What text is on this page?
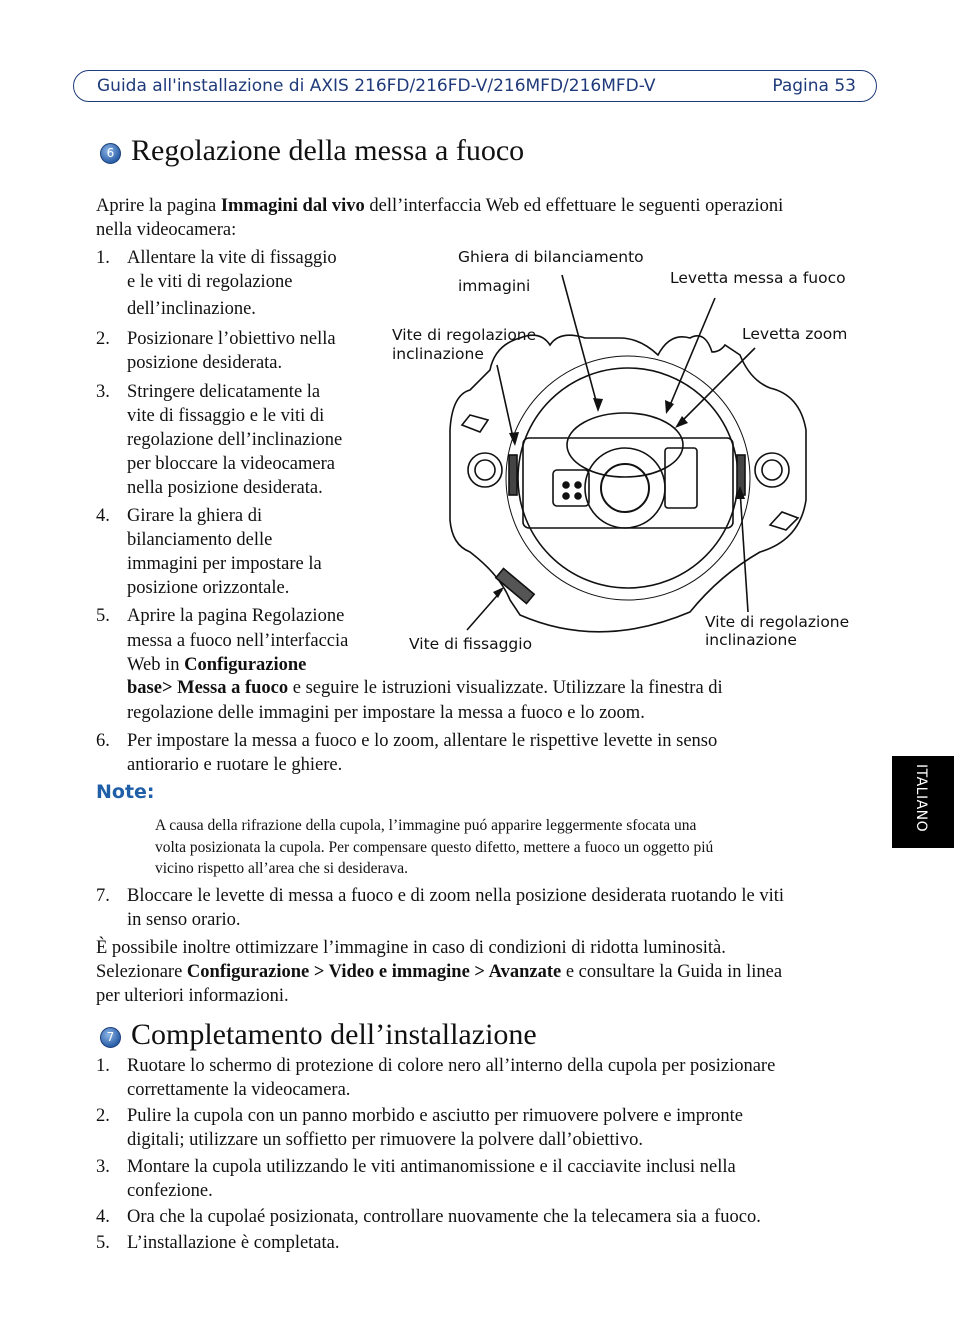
Guida all'installazione di AXIS 216FD/216FD-V/216MFD/216MFD-V	Pagina 53
6 Regolazione della messa a fuoco
Aprire la pagina Immagini dal vivo dell’interfaccia Web ed effettuare le seguenti operazioni
nella videocamera:
1. Allentare la vite di fissaggio
e le viti di regolazione
dell’inclinazione.
2. Posizionare l’obiettivo nella
posizione desiderata.
3. Stringere delicatamente la
vite di fissaggio e le viti di
regolazione dell’inclinazione
per bloccare la videocamera
nella posizione desiderata.
4. Girare la ghiera di
bilanciamento delle
immagini per impostare la
posizione orizzontale.
5. Aprire la pagina Regolazione
messa a fuoco nell’interfaccia
Web in Configurazione
base> Messa a fuoco e seguire le istruzioni visualizzate. Utilizzare la finestra di
regolazione delle immagini per impostare la messa a fuoco e lo zoom.
6. Per impostare la messa a fuoco e lo zoom, allentare le rispettive levette in senso
antiorario e ruotare le ghiere.
Note:
A causa della rifrazione della cupola, l’immagine puó apparire leggermente sfocata una
volta posizionata la cupola. Per compensare questo difetto, mettere a fuoco un oggetto piú
vicino rispetto all’area che si desiderava.
7. Bloccare le levette di messa a fuoco e di zoom nella posizione desiderata ruotando le viti
in senso orario.
È possibile inoltre ottimizzare l’immagine in caso di condizioni di ridotta luminosità.
Selezionare Configurazione > Video e immagine > Avanzate e consultare la Guida in linea
per ulteriori informazioni.
7 Completamento dell’installazione
1. Ruotare lo schermo di protezione di colore nero all’interno della cupola per posizionare
correttamente la videocamera.
2. Pulire la cupola con un panno morbido e asciutto per rimuovere polvere e impronte
digitali; utilizzare un soffietto per rimuovere la polvere dall’obiettivo.
3. Montare la cupola utilizzando le viti antimanomissione e il cacciavite inclusi nella
confezione.
4. Ora che la cupolaé posizionata, controllare nuovamente che la telecamera sia a fuoco.
5. L’installazione è completata.
ITALIANO
Ghiera di bilanciamento
immagini	Levetta messa a fuoco
Vite di regolazione
inclinazione
Levetta zoom
Vite di fissaggio
Vite di regolazione
inclinazione
